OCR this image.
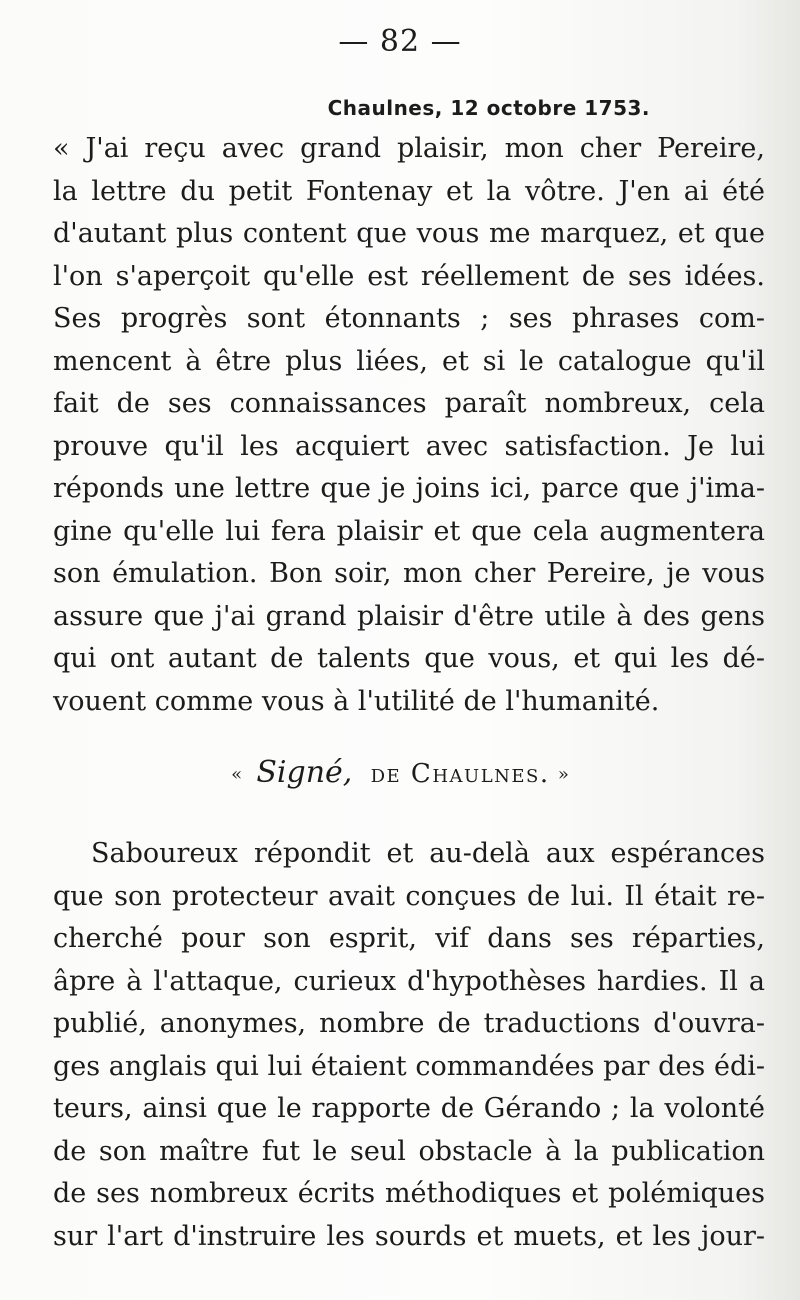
— 82 —
Chaulnes, 12 octobre 1753.
« J'ai reçu avec grand plaisir, mon cher Pereire,
la lettre du petit Fontenay et la vôtre. J'en ai été
d'autant plus content que vous me marquez, et que
l'on s'aperçoit qu'elle est réellement de ses idées.
Ses progrès sont étonnants ; ses phrases com-
mencent à être plus liées, et si le catalogue qu'il
fait de ses connaissances paraît nombreux, cela
prouve qu'il les acquiert avec satisfaction. Je lui
réponds une lettre que je joins ici, parce que j'ima-
gine qu'elle lui fera plaisir et que cela augmentera
son émulation. Bon soir, mon cher Pereire, je vous
assure que j'ai grand plaisir d'être utile à des gens
qui ont autant de talents que vous, et qui les dé-
vouent comme vous à l'utilité de l'humanité.
« Signé, de Chaulnes. »
Saboureux répondit et au-delà aux espérances
que son protecteur avait conçues de lui. Il était re-
cherché pour son esprit, vif dans ses réparties,
âpre à l'attaque, curieux d'hypothèses hardies. Il a
publié, anonymes, nombre de traductions d'ouvra-
ges anglais qui lui étaient commandées par des édi-
teurs, ainsi que le rapporte de Gérando ; la volonté
de son maître fut le seul obstacle à la publication
de ses nombreux écrits méthodiques et polémiques
sur l'art d'instruire les sourds et muets, et les jour-
